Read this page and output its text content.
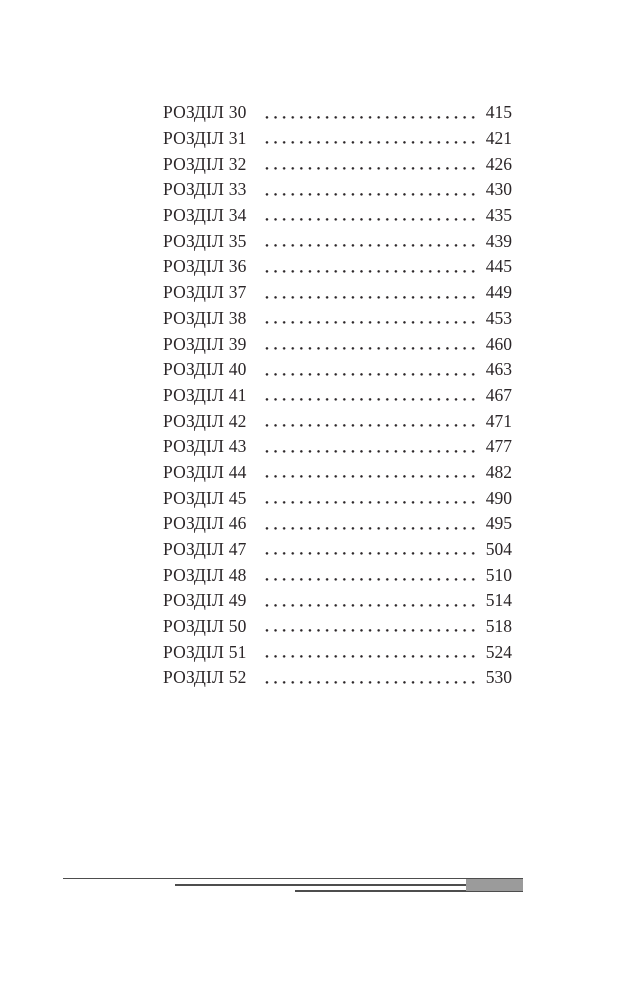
РОЗДІЛ 30	415
РОЗДІЛ 31	421
РОЗДІЛ 32	426
РОЗДІЛ 33	430
РОЗДІЛ 34	435
РОЗДІЛ 35	439
РОЗДІЛ 36	445
РОЗДІЛ 37	449
РОЗДІЛ 38	453
РОЗДІЛ 39	460
РОЗДІЛ 40	463
РОЗДІЛ 41	467
РОЗДІЛ 42	471
РОЗДІЛ 43	477
РОЗДІЛ 44	482
РОЗДІЛ 45	490
РОЗДІЛ 46	495
РОЗДІЛ 47	504
РОЗДІЛ 48	510
РОЗДІЛ 49	514
РОЗДІЛ 50	518
РОЗДІЛ 51	524
РОЗДІЛ 52	530
